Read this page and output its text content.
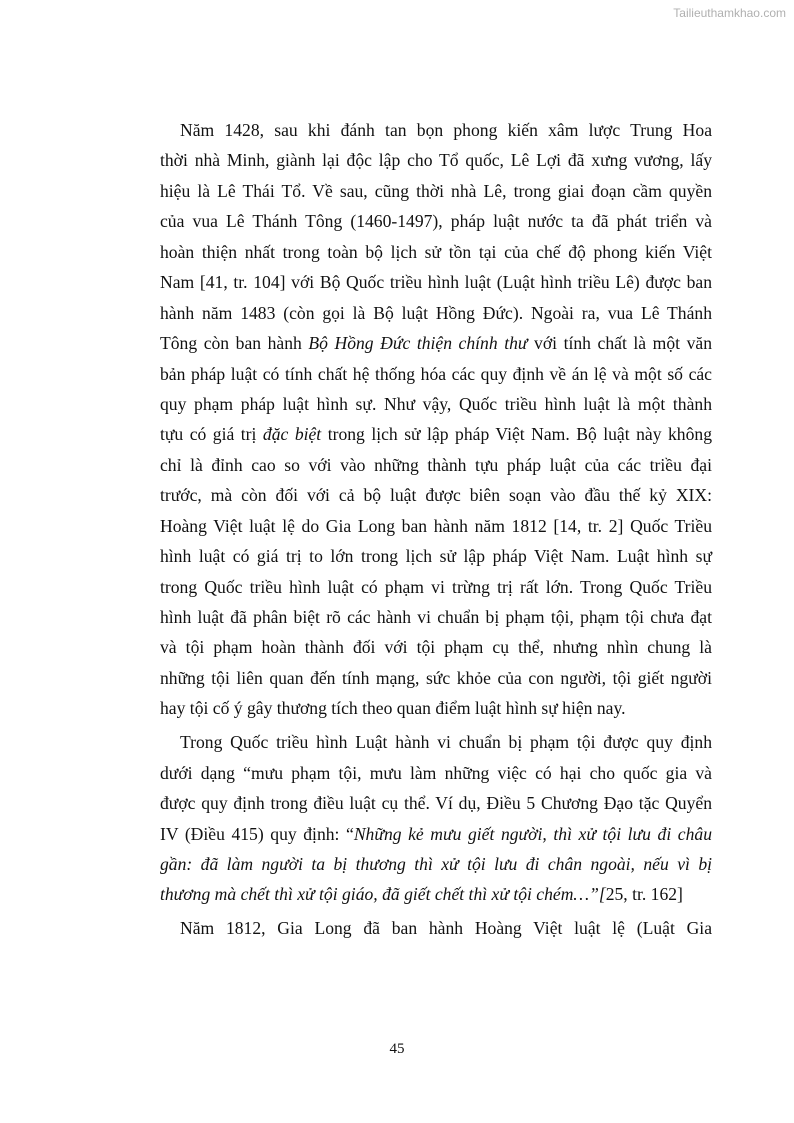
Tailieuthamkhao.com
Năm 1428, sau khi đánh tan bọn phong kiến xâm lược Trung Hoa
thời nhà Minh, giành lại độc lập cho Tổ quốc, Lê Lợi đã xưng vương, lấy
hiệu là Lê Thái Tổ. Về sau, cũng thời nhà Lê, trong giai đoạn cầm quyền
của vua Lê Thánh Tông (1460-1497), pháp luật nước ta đã phát triển và
hoàn thiện nhất trong toàn bộ lịch sử tồn tại của chế độ phong kiến Việt
Nam [41, tr. 104] với Bộ Quốc triều hình luật (Luật hình triều Lê) được ban
hành năm 1483 (còn gọi là Bộ luật Hồng Đức). Ngoài ra, vua Lê Thánh
Tông còn ban hành Bộ Hồng Đức thiện chính thư với tính chất là một văn
bản pháp luật có tính chất hệ thống hóa các quy định về án lệ và một số các
quy phạm pháp luật hình sự. Như vậy, Quốc triều hình luật là một thành
tựu có giá trị đặc biệt trong lịch sử lập pháp Việt Nam. Bộ luật này không
chỉ là đỉnh cao so với vào những thành tựu pháp luật của các triều đại
trước, mà còn đối với cả bộ luật được biên soạn vào đầu thế kỷ XIX:
Hoàng Việt luật lệ do Gia Long ban hành năm 1812 [14, tr. 2] Quốc Triều
hình luật có giá trị to lớn trong lịch sử lập pháp Việt Nam. Luật hình sự
trong Quốc triều hình luật có phạm vi trừng trị rất lớn. Trong Quốc Triều
hình luật đã phân biệt rõ các hành vi chuẩn bị phạm tội, phạm tội chưa đạt
và tội phạm hoàn thành đối với tội phạm cụ thể, nhưng nhìn chung là
những tội liên quan đến tính mạng, sức khỏe của con người, tội giết người
hay tội cố ý gây thương tích theo quan điểm luật hình sự hiện nay.
Trong Quốc triều hình Luật hành vi chuẩn bị phạm tội được quy định
dưới dạng “mưu phạm tội, mưu làm những việc có hại cho quốc gia và
được quy định trong điều luật cụ thể. Ví dụ, Điều 5 Chương Đạo tặc Quyển
IV (Điều 415) quy định: “Những kẻ mưu giết người, thì xử tội lưu đi châu
gần: đã làm người ta bị thương thì xử tội lưu đi chân ngoài, nếu vì bị
thương mà chết thì xử tội giáo, đã giết chết thì xử tội chém…”[25, tr. 162]
Năm 1812, Gia Long đã ban hành Hoàng Việt luật lệ (Luật Gia
45
